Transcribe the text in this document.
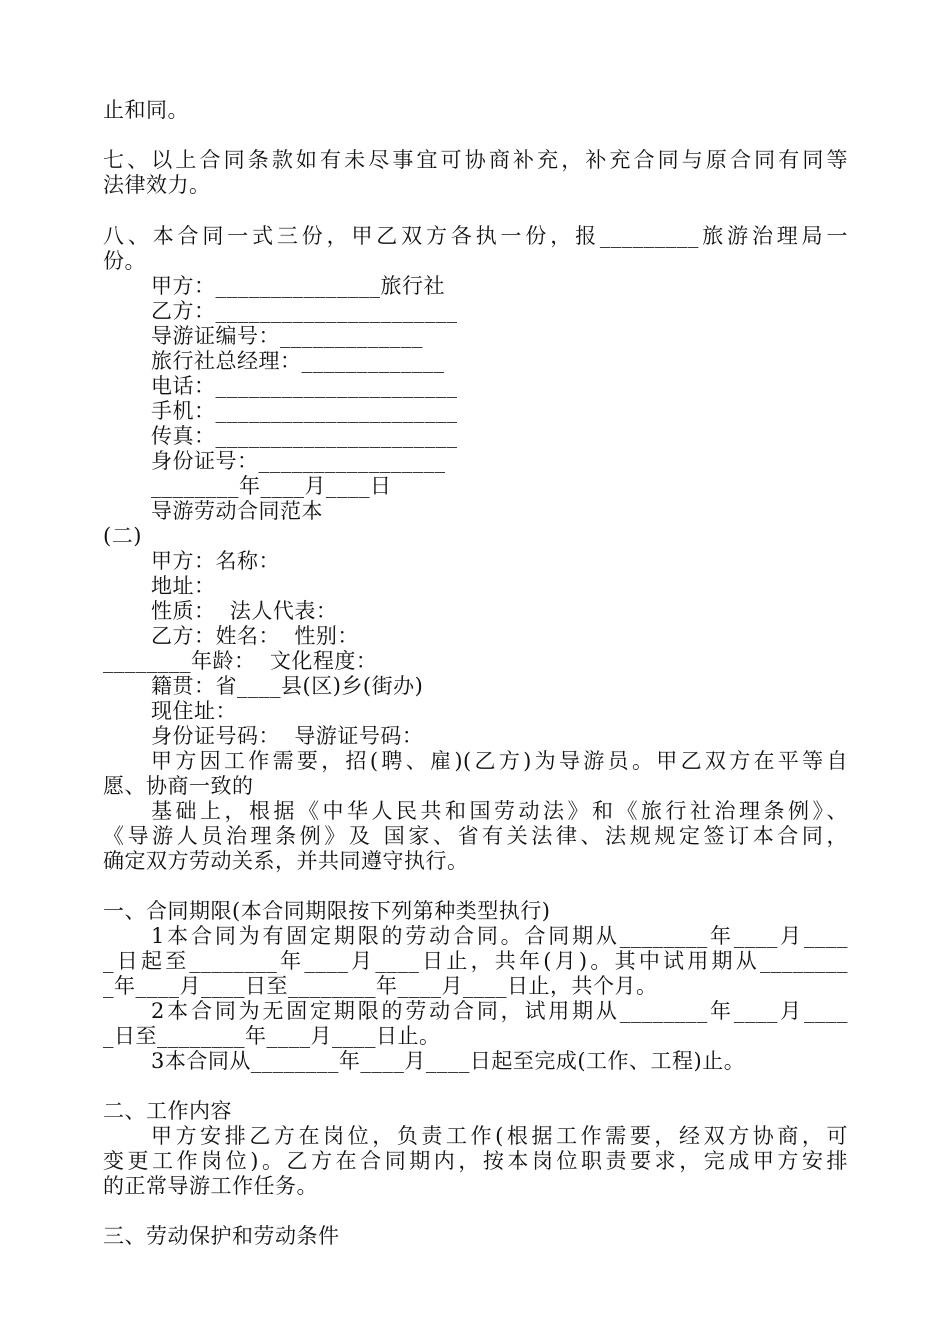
止和同。
七、以上合同条款如有未尽事宜可协商补充，补充合同与原合同有同等
法律效力。
八、本合同一式三份，甲乙双方各执一份，报_________旅游治理局一
份。
甲方：_______________旅行社
乙方：______________________
导游证编号：_____________
旅行社总经理：_____________
电话：______________________
手机：______________________
传真：______________________
身份证号：_________________
________年____月____日
导游劳动合同范本
(二)
甲方：名称：
地址：
性质：  法人代表：
乙方：姓名：  性别：
________年龄：  文化程度：
籍贯：省____县(区)乡(街办)
现住址：
身份证号码：  导游证号码：
甲方因工作需要，招(聘、雇)(乙方)为导游员。甲乙双方在平等自
愿、协商一致的
基础上，根据《中华人民共和国劳动法》和《旅行社治理条例》、
《导游人员治理条例》及 国家、省有关法律、法规规定签订本合同，
确定双方劳动关系，并共同遵守执行。
一、合同期限(本合同期限按下列第种类型执行)
1本合同为有固定期限的劳动合同。合同期从________年____月____
_日起至________年____月____日止，共年(月)。其中试用期从________
_年____月____日至________年____月____日止，共个月。
2本合同为无固定期限的劳动合同，试用期从________年____月____
_日至________年____月____日止。
3本合同从________年____月____日起至完成(工作、工程)止。
二、工作内容
甲方安排乙方在岗位，负责工作(根据工作需要，经双方协商，可
变更工作岗位)。乙方在合同期内，按本岗位职责要求，完成甲方安排
的正常导游工作任务。
三、劳动保护和劳动条件
